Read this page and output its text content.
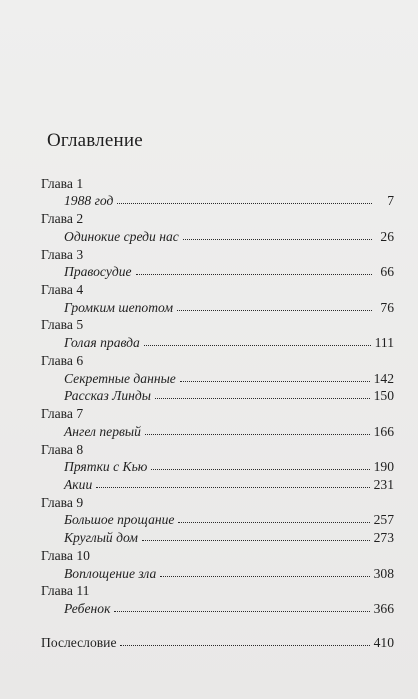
Оглавление
Глава 1
1988 год	7
Глава 2
Одинокие среди нас	26
Глава 3
Правосудие	66
Глава 4
Громким шепотом	76
Глава 5
Голая правда	111
Глава 6
Секретные данные	142
Рассказ Линды	150
Глава 7
Ангел первый	166
Глава 8
Прятки с Кью	190
Акии	231
Глава 9
Большое прощание	257
Круглый дом	273
Глава 10
Воплощение зла	308
Глава 11
Ребенок	366
Послесловие	410
